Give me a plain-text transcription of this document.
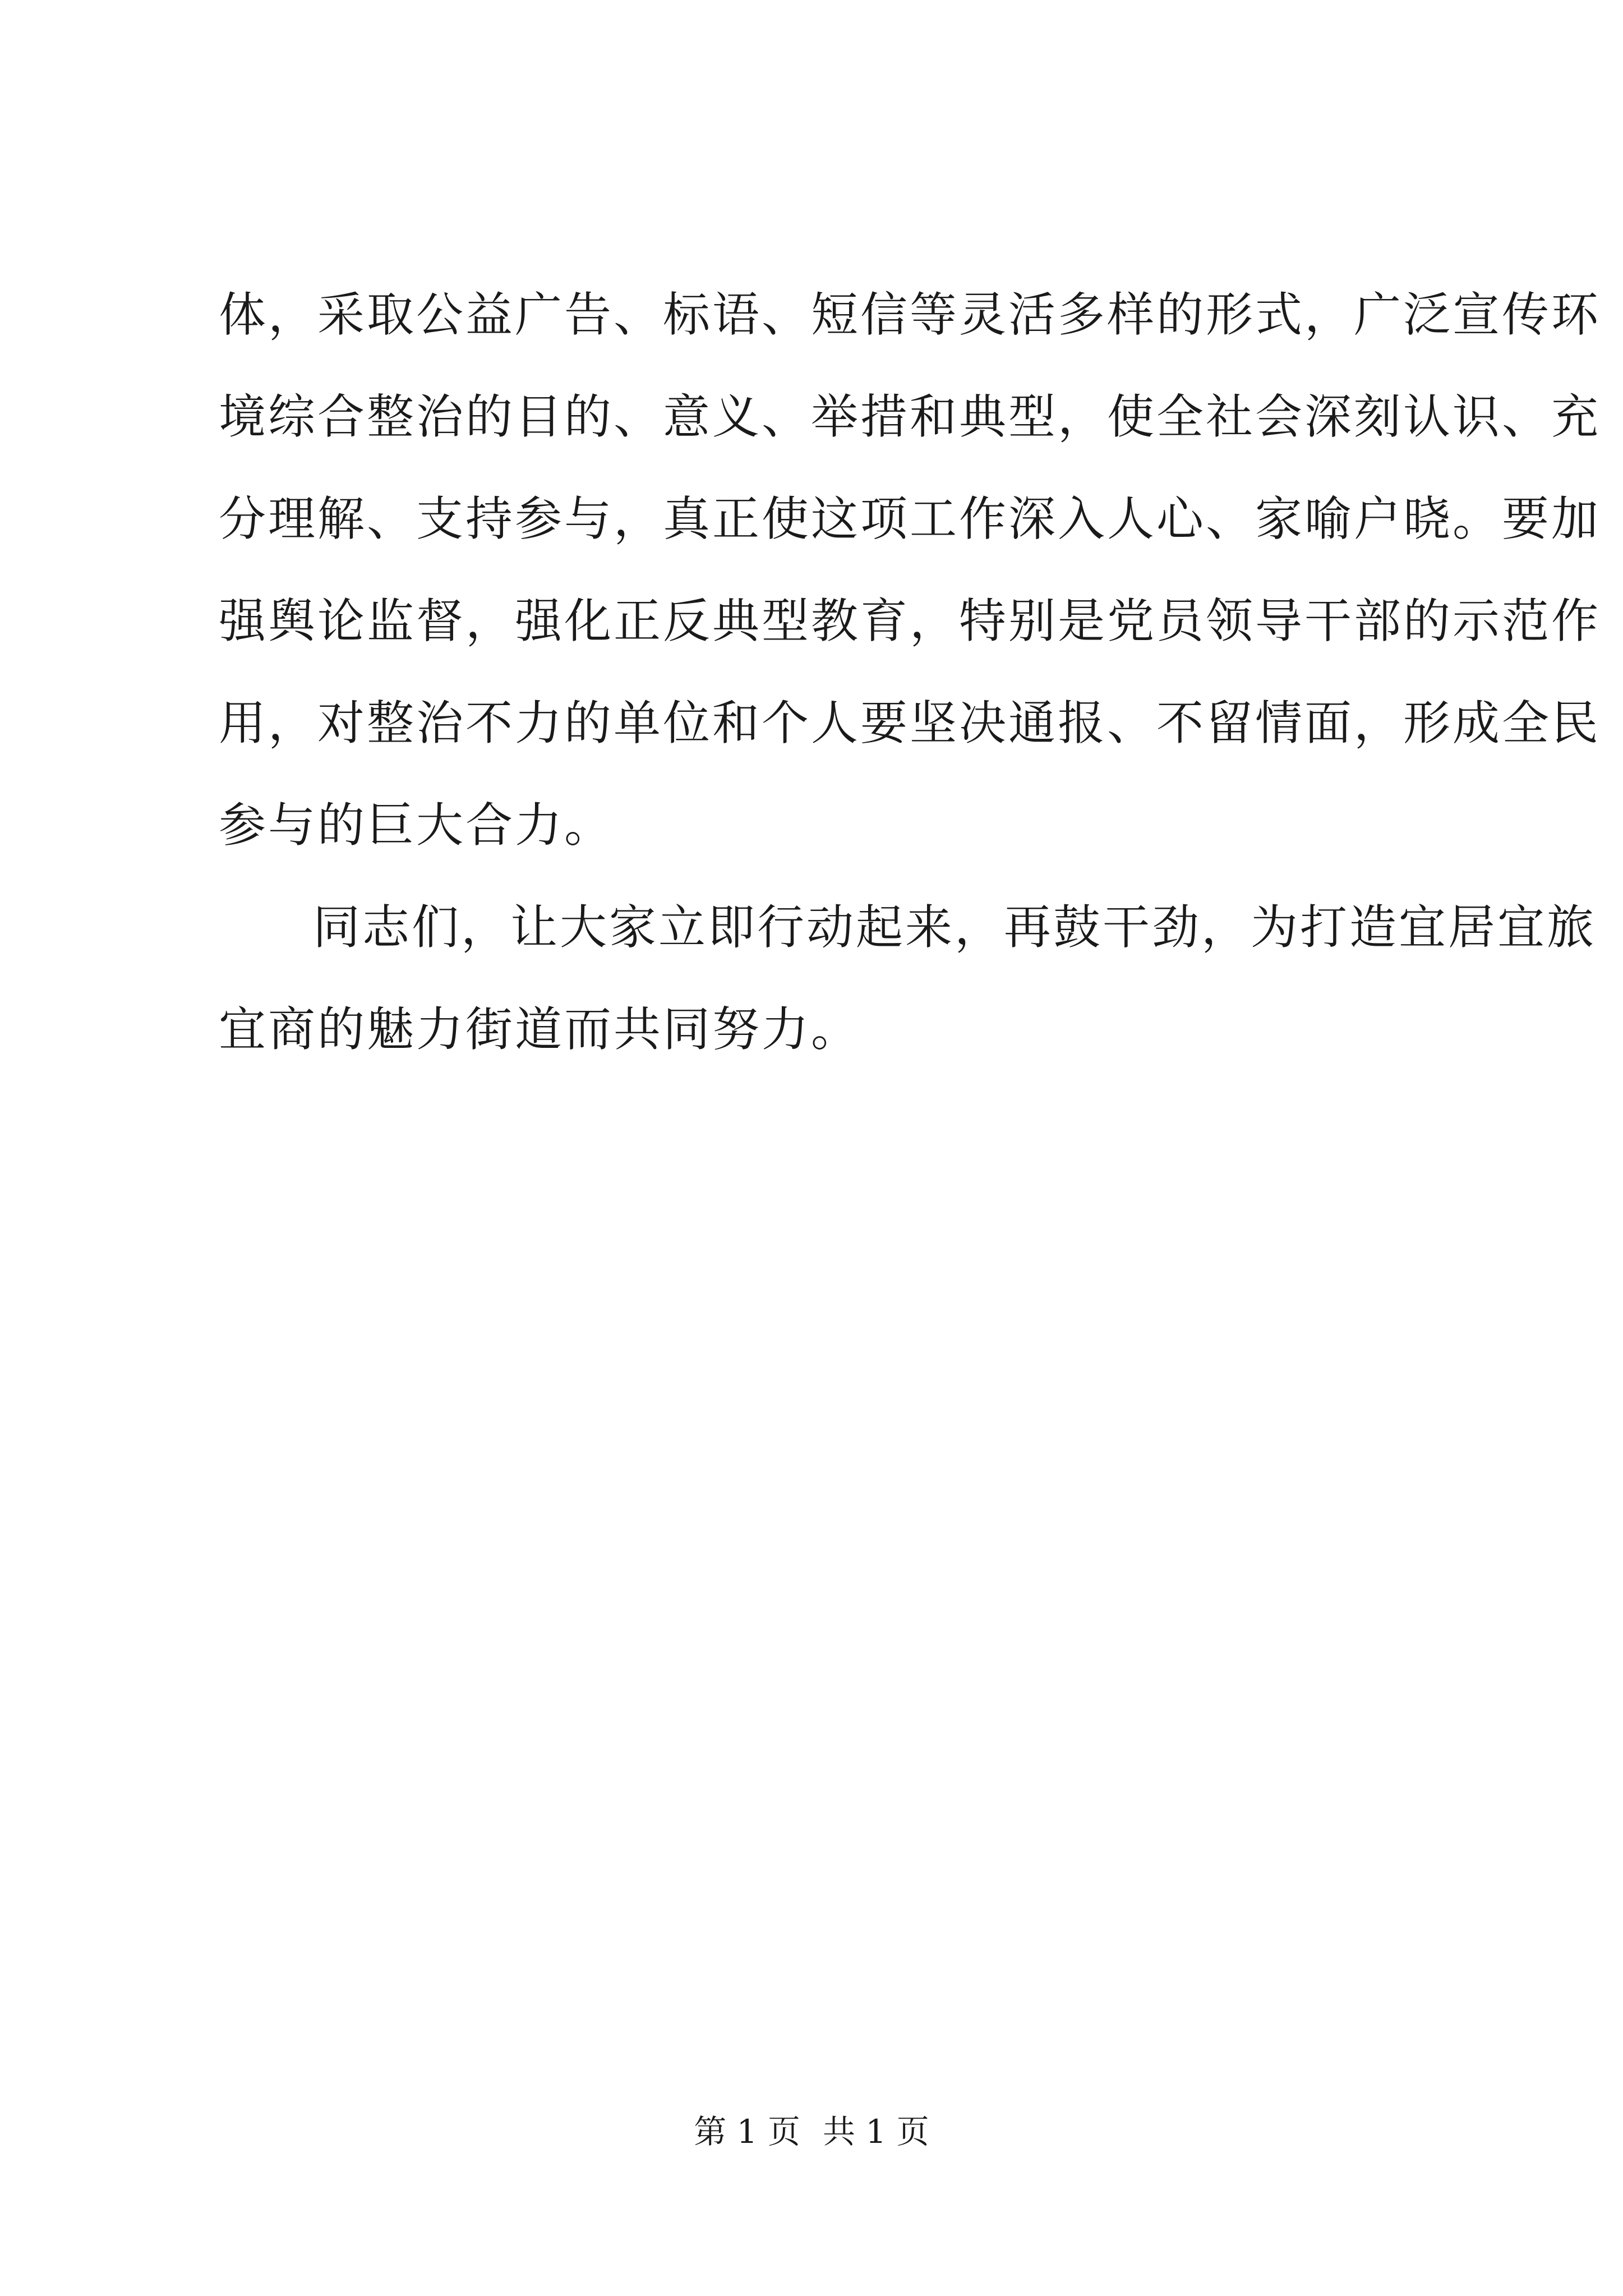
体，采取公益广告、标语、短信等灵活多样的形式，广泛宣传环
境综合整治的目的、意义、举措和典型，使全社会深刻认识、充
分理解、支持参与，真正使这项工作深入人心、家喻户晓。要加
强舆论监督，强化正反典型教育，特别是党员领导干部的示范作
用，对整治不力的单位和个人要坚决通报、不留情面，形成全民
参与的巨大合力。
同志们，让大家立即行动起来，再鼓干劲，为打造宜居宜旅
宜商的魅力街道而共同努力。
第 1 页 共 1 页
